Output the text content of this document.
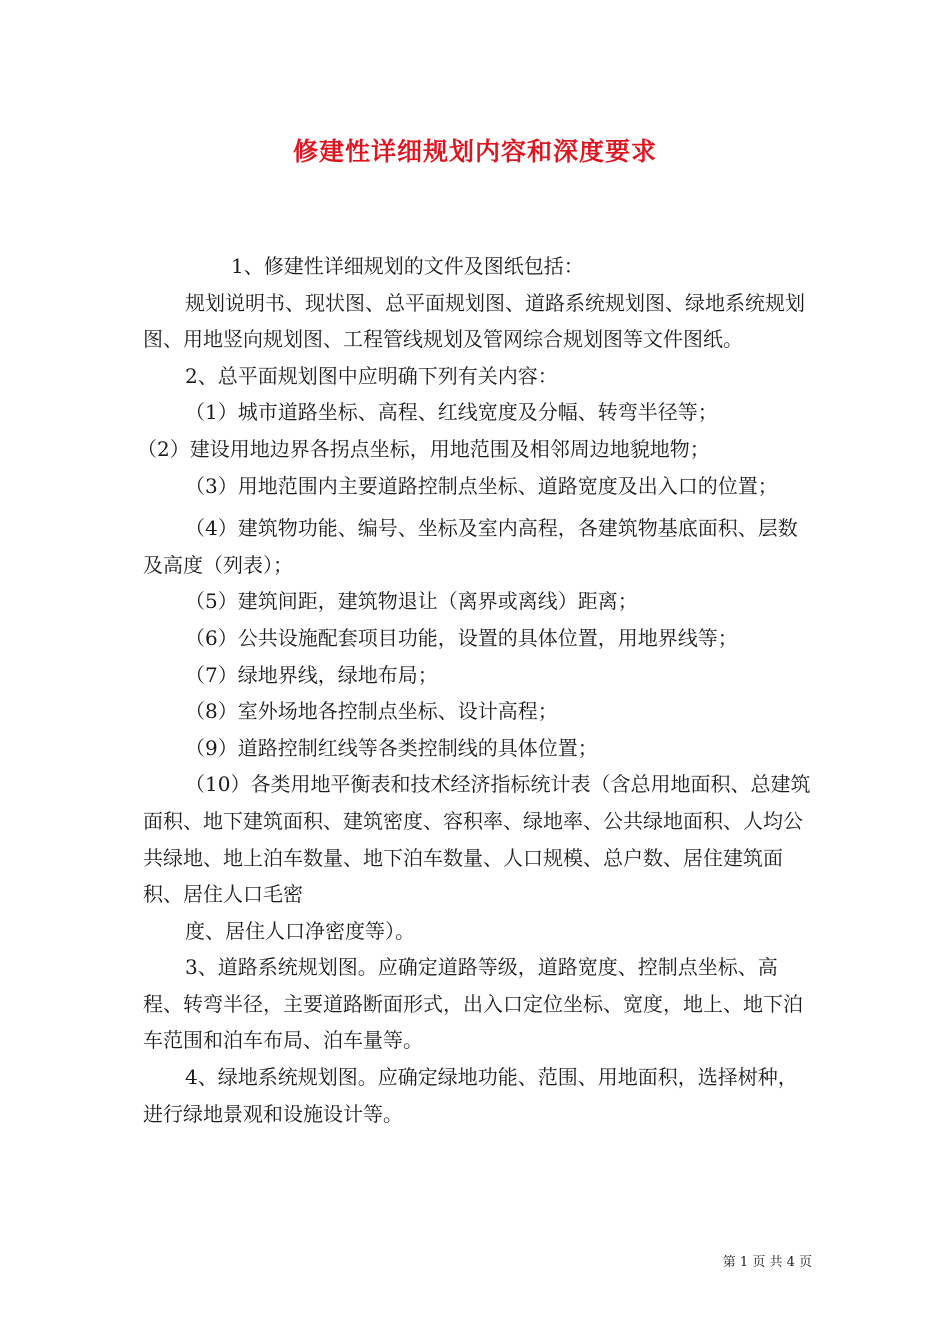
修建性详细规划内容和深度要求

1、修建性详细规划的文件及图纸包括：

规划说明书、现状图、总平面规划图、道路系统规划图、绿地系统规划图、用地竖向规划图、工程管线规划及管网综合规划图等文件图纸。

2、总平面规划图中应明确下列有关内容：

（1）城市道路坐标、高程、红线宽度及分幅、转弯半径等；

（2）建设用地边界各拐点坐标，用地范围及相邻周边地貌地物；

（3）用地范围内主要道路控制点坐标、道路宽度及出入口的位置；

（4）建筑物功能、编号、坐标及室内高程，各建筑物基底面积、层数及高度（列表）；

（5）建筑间距，建筑物退让（离界或离线）距离；

（6）公共设施配套项目功能，设置的具体位置，用地界线等；

（7）绿地界线，绿地布局；

（8）室外场地各控制点坐标、设计高程；

（9）道路控制红线等各类控制线的具体位置；

（10）各类用地平衡表和技术经济指标统计表（含总用地面积、总建筑面积、地下建筑面积、建筑密度、容积率、绿地率、公共绿地面积、人均公共绿地、地上泊车数量、地下泊车数量、人口规模、总户数、居住建筑面积、居住人口毛密

度、居住人口净密度等）。

3、道路系统规划图。应确定道路等级，道路宽度、控制点坐标、高程、转弯半径，主要道路断面形式，出入口定位坐标、宽度，地上、地下泊车范围和泊车布局、泊车量等。

4、绿地系统规划图。应确定绿地功能、范围、用地面积，选择树种，进行绿地景观和设施设计等。

第 1 页 共 4 页
